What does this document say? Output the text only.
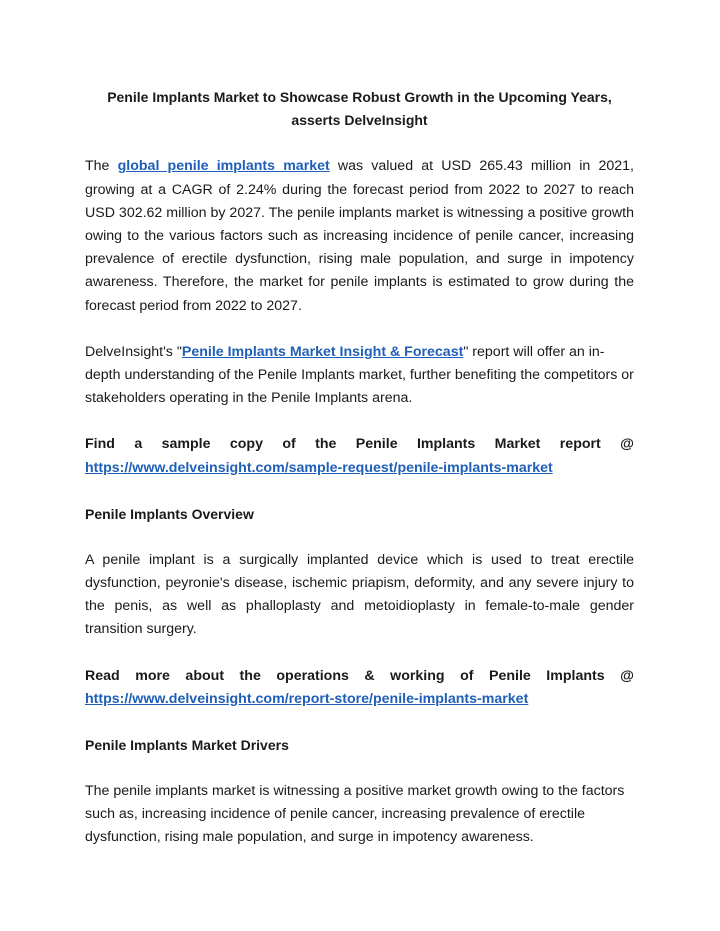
Penile Implants Market to Showcase Robust Growth in the Upcoming Years, asserts DelveInsight

The global penile implants market was valued at USD 265.43 million in 2021, growing at a CAGR of 2.24% during the forecast period from 2022 to 2027 to reach USD 302.62 million by 2027. The penile implants market is witnessing a positive growth owing to the various factors such as increasing incidence of penile cancer, increasing prevalence of erectile dysfunction, rising male population, and surge in impotency awareness. Therefore, the market for penile implants is estimated to grow during the forecast period from 2022 to 2027.

DelveInsight's "Penile Implants Market Insight & Forecast" report will offer an in-depth understanding of the Penile Implants market, further benefiting the competitors or stakeholders operating in the Penile Implants arena.

Find a sample copy of the Penile Implants Market report @
https://www.delveinsight.com/sample-request/penile-implants-market
Penile Implants Overview

A penile implant is a surgically implanted device which is used to treat erectile dysfunction, peyronie's disease, ischemic priapism, deformity, and any severe injury to the penis, as well as phalloplasty and metoidioplasty in female-to-male gender transition surgery.

Read more about the operations & working of Penile Implants @
https://www.delveinsight.com/report-store/penile-implants-market
Penile Implants Market Drivers

The penile implants market is witnessing a positive market growth owing to the factors such as, increasing incidence of penile cancer, increasing prevalence of erectile dysfunction, rising male population, and surge in impotency awareness.
